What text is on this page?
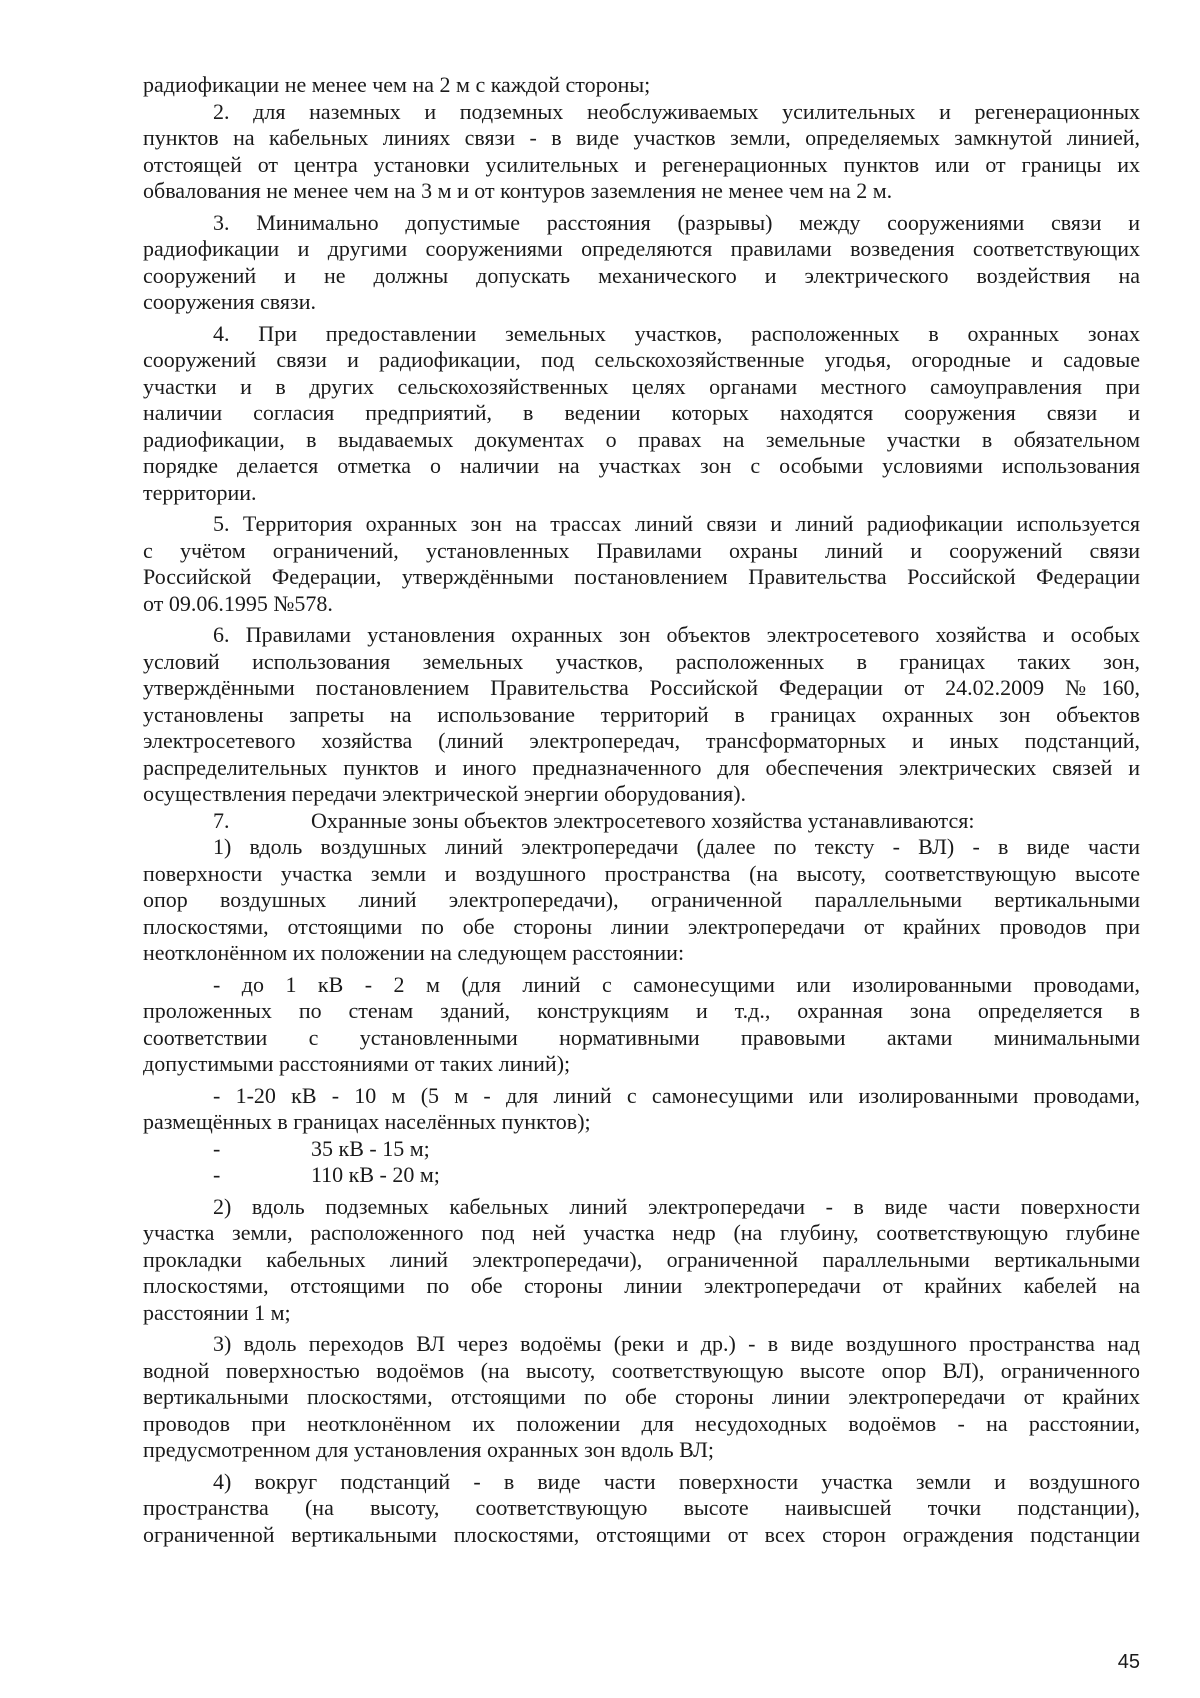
радиофикации не менее чем на 2 м с каждой стороны;
2. для наземных и подземных необслуживаемых усилительных и регенерационных
пунктов на кабельных линиях связи - в виде участков земли, определяемых замкнутой линией,
отстоящей от центра установки усилительных и регенерационных пунктов или от границы их
обвалования не менее чем на 3 м и от контуров заземления не менее чем на 2 м.
3. Минимально допустимые расстояния (разрывы) между сооружениями связи и
радиофикации и другими сооружениями определяются правилами возведения соответствующих
сооружений и не должны допускать механического и электрического воздействия на
сооружения связи.
4. При предоставлении земельных участков, расположенных в охранных зонах
сооружений связи и радиофикации, под сельскохозяйственные угодья, огородные и садовые
участки и в других сельскохозяйственных целях органами местного самоуправления при
наличии согласия предприятий, в ведении которых находятся сооружения связи и
радиофикации, в выдаваемых документах о правах на земельные участки в обязательном
порядке делается отметка о наличии на участках зон с особыми условиями использования
территории.
5. Территория охранных зон на трассах линий связи и линий радиофикации используется
с учётом ограничений, установленных Правилами охраны линий и сооружений связи
Российской Федерации, утверждёнными постановлением Правительства Российской Федерации
от 09.06.1995 №578.
6. Правилами установления охранных зон объектов электросетевого хозяйства и особых
условий использования земельных участков, расположенных в границах таких зон,
утверждёнными постановлением Правительства Российской Федерации от 24.02.2009 №160,
установлены запреты на использование территорий в границах охранных зон объектов
электросетевого хозяйства (линий электропередач, трансформаторных и иных подстанций,
распределительных пунктов и иного предназначенного для обеспечения электрических связей и
осуществления передачи электрической энергии оборудования).
7.	Охранные зоны объектов электросетевого хозяйства устанавливаются:
1) вдоль воздушных линий электропередачи (далее по тексту - ВЛ) - в виде части
поверхности участка земли и воздушного пространства (на высоту, соответствующую высоте
опор воздушных линий электропередачи), ограниченной параллельными вертикальными
плоскостями, отстоящими по обе стороны линии электропередачи от крайних проводов при
неотклонённом их положении на следующем расстоянии:
- до 1 кВ - 2 м (для линий с самонесущими или изолированными проводами,
проложенных по стенам зданий, конструкциям и т.д., охранная зона определяется в
соответствии с установленными нормативными правовыми актами минимальными
допустимыми расстояниями от таких линий);
- 1-20 кВ - 10 м (5 м - для линий с самонесущими или изолированными проводами,
размещённых в границах населённых пунктов);
-	35 кВ - 15 м;
-	110 кВ - 20 м;
2) вдоль подземных кабельных линий электропередачи - в виде части поверхности
участка земли, расположенного под ней участка недр (на глубину, соответствующую глубине
прокладки кабельных линий электропередачи), ограниченной параллельными вертикальными
плоскостями, отстоящими по обе стороны линии электропередачи от крайних кабелей на
расстоянии 1 м;
3) вдоль переходов ВЛ через водоёмы (реки и др.) - в виде воздушного пространства над
водной поверхностью водоёмов (на высоту, соответствующую высоте опор ВЛ), ограниченного
вертикальными плоскостями, отстоящими по обе стороны линии электропередачи от крайних
проводов при неотклонённом их положении для несудоходных водоёмов - на расстоянии,
предусмотренном для установления охранных зон вдоль ВЛ;
4) вокруг подстанций - в виде части поверхности участка земли и воздушного
пространства (на высоту, соответствующую высоте наивысшей точки подстанции),
ограниченной вертикальными плоскостями, отстоящими от всех сторон ограждения подстанции
45
